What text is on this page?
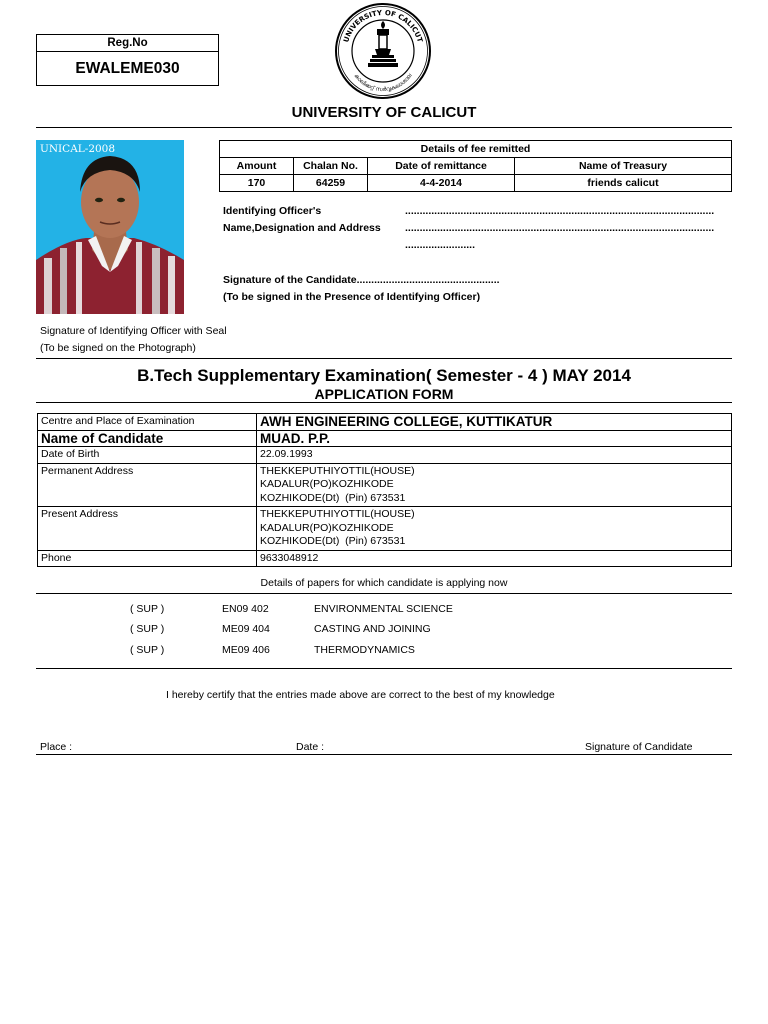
Reg.No
EWALEME030
UNIVERSITY OF CALICUT
കാലിക്കറ്റ് സർവ്വകലാശാല
UNIVERSITY OF CALICUT
UNICAL-2008	Details of fee remitted			
Amount	Chalan No.	Date of remittance	Name of Treasury
170	64259	4-4-2014	friends calicut
Identifying Officer's
Name,Designation and Address
..........................................................................................................
..........................................................................................................
........................
Signature of the Candidate.................................................
(To be signed in the Presence of Identifying Officer)
Signature of Identifying Officer with Seal
(To be signed on the Photograph)
B.Tech Supplementary Examination( Semester - 4 ) MAY 2014
APPLICATION FORM
Centre and Place of Examination	AWH ENGINEERING COLLEGE, KUTTIKATUR
Name of Candidate	MUAD. P.P.
Date of Birth	22.09.1993
Permanent Address	THEKKEPUTHIYOTTIL(HOUSE)
KADALUR(PO)KOZHIKODE
KOZHIKODE(Dt)  (Pin) 673531

Present Address	THEKKEPUTHIYOTTIL(HOUSE)
KADALUR(PO)KOZHIKODE
KOZHIKODE(Dt)  (Pin) 673531

Phone	9633048912
Details of papers for which candidate is applying now
( SUP )	EN09 402	ENVIRONMENTAL SCIENCE
( SUP )	ME09 404	CASTING AND JOINING
( SUP )	ME09 406	THERMODYNAMICS
I hereby certify that the entries made above are correct to the best of my knowledge
Place :	Date :	Signature of Candidate
